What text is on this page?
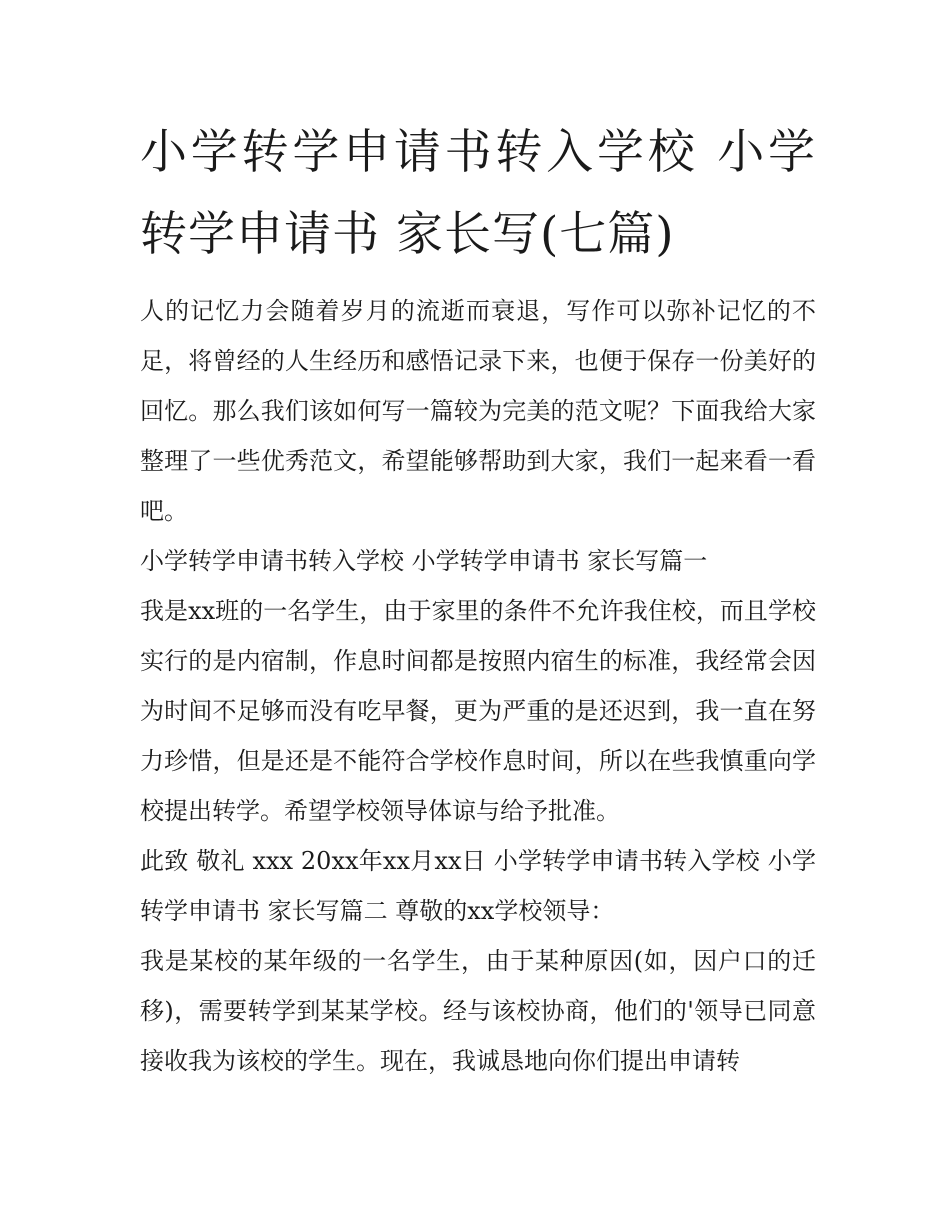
小学转学申请书转入学校 小学转学申请书 家长写(七篇)

人的记忆力会随着岁月的流逝而衰退，写作可以弥补记忆的不足，将曾经的人生经历和感悟记录下来，也便于保存一份美好的回忆。那么我们该如何写一篇较为完美的范文呢？下面我给大家整理了一些优秀范文，希望能够帮助到大家，我们一起来看一看吧。

小学转学申请书转入学校 小学转学申请书 家长写篇一

我是xx班的一名学生，由于家里的条件不允许我住校，而且学校实行的是内宿制，作息时间都是按照内宿生的标准，我经常会因为时间不足够而没有吃早餐，更为严重的是还迟到，我一直在努力珍惜，但是还是不能符合学校作息时间，所以在些我慎重向学校提出转学。希望学校领导体谅与给予批准。

此致 敬礼 xxx 20xx年xx月xx日 小学转学申请书转入学校 小学转学申请书 家长写篇二 尊敬的xx学校领导：

我是某校的某年级的一名学生，由于某种原因(如，因户口的迁移)，需要转学到某某学校。经与该校协商，他们的'领导已同意接收我为该校的学生。现在，我诚恳地向你们提出申请转
